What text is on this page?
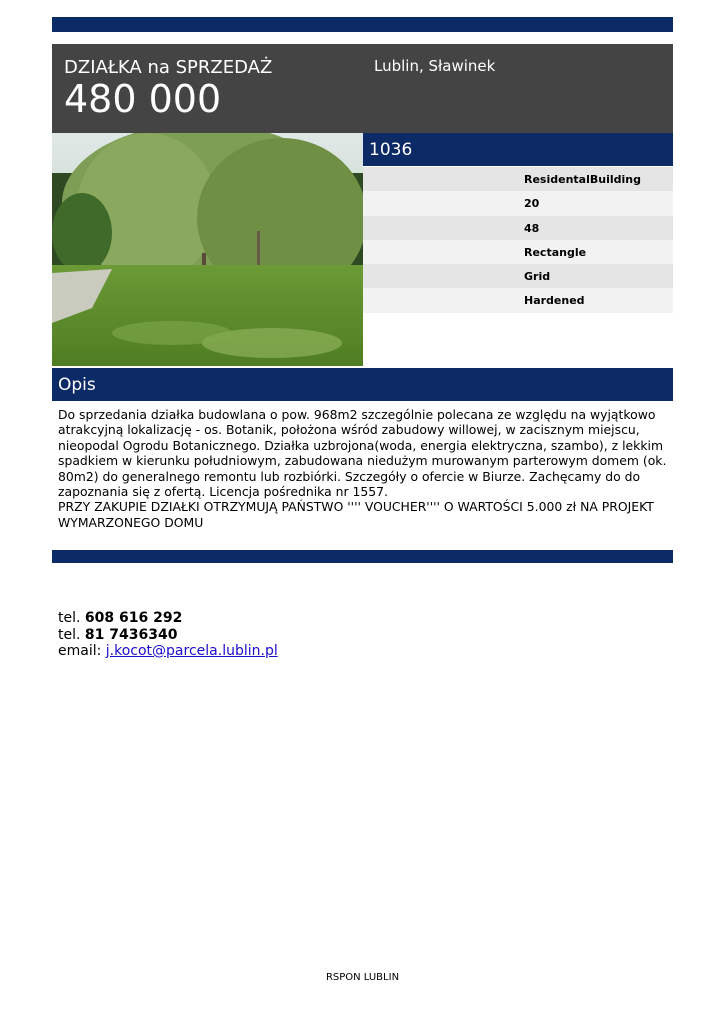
DZIAŁKA na SPRZEDAŻ
480 000
Lublin, Sławinek
1036
ResidentalBuilding
20
48
Rectangle
Grid
Hardened
Opis

Do sprzedania działka budowlana o pow. 968m2 szczególnie polecana ze względu na wyjątkowo atrakcyjną lokalizację - os. Botanik, położona wśród zabudowy willowej, w zacisznym miejscu, nieopodal Ogrodu Botanicznego. Działka uzbrojona(woda, energia elektryczna, szambo), z lekkim spadkiem w kierunku południowym, zabudowana niedużym murowanym parterowym domem (ok. 80m2) do generalnego remontu lub rozbiórki. Szczegóły o ofercie w Biurze. Zachęcamy do do zapoznania się z ofertą. Licencja pośrednika nr 1557.

PRZY ZAKUPIE DZIAŁKI OTRZYMUJĄ PAŃSTWO '''' VOUCHER'''' O WARTOŚCI 5.000 zł NA PROJEKT WYMARZONEGO DOMU

tel. 608 616 292
tel. 81 7436340
email: j.kocot@parcela.lublin.pl
RSPON LUBLIN
